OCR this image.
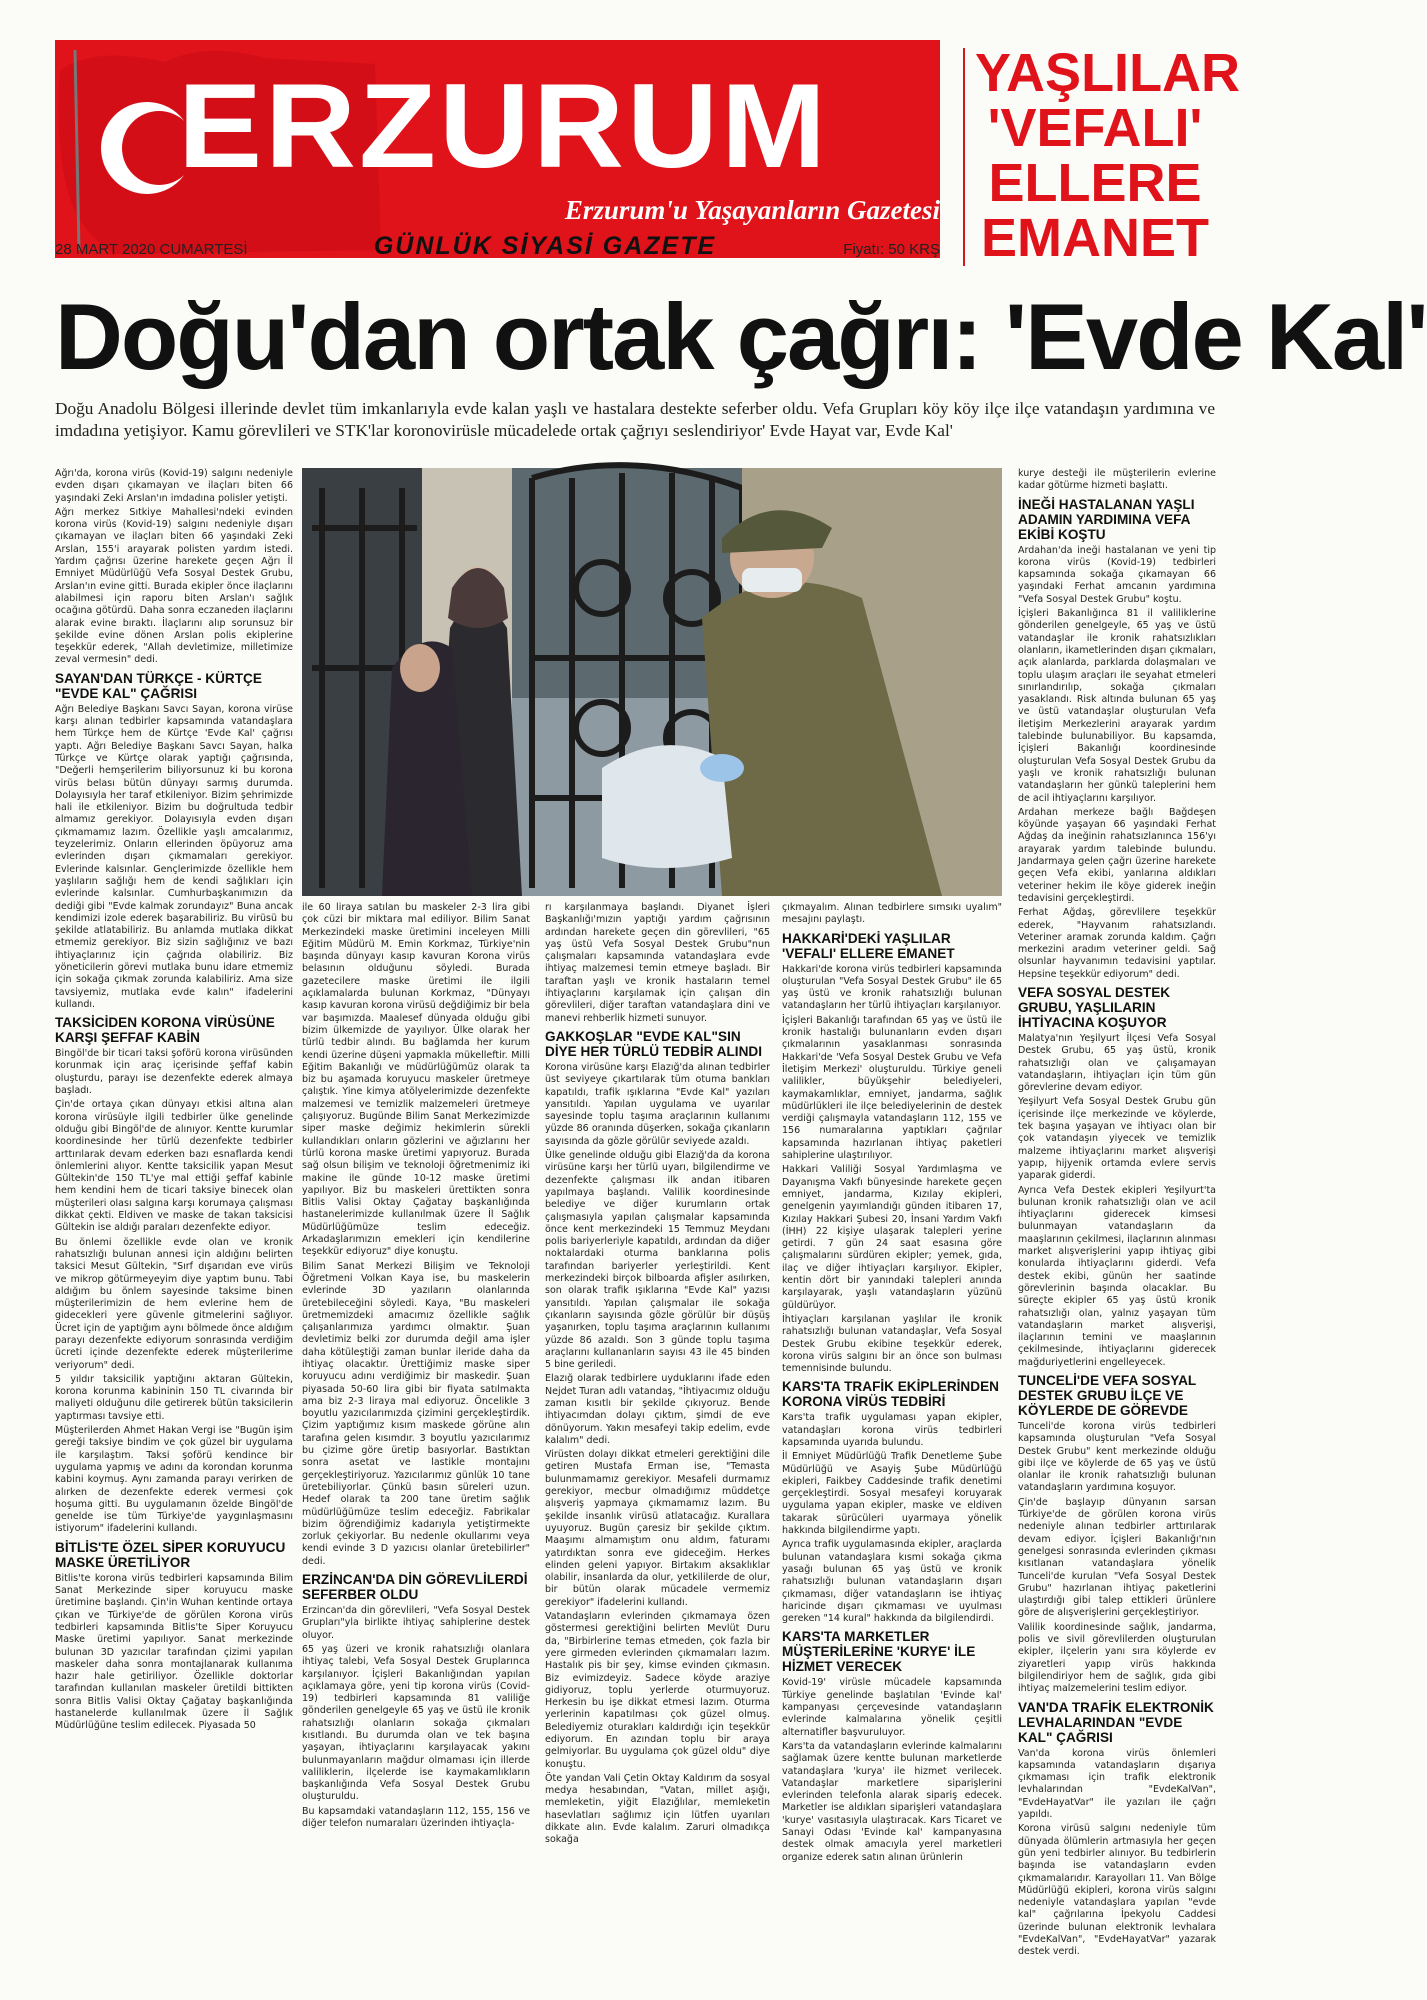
ERZURUM
Erzurum'u Yaşayanların Gazetesi
28 MART 2020 CUMARTESİ	GÜNLÜK SİYASİ GAZETE	Fiyatı: 50 KRŞ
YAŞLILAR
'VEFALI'
ELLERE
EMANET
Doğu'dan ortak çağrı: 'Evde Kal'
Doğu Anadolu Bölgesi illerinde devlet tüm imkanlarıyla evde kalan yaşlı ve hastalara destekte seferber oldu. Vefa Grupları köy köy ilçe ilçe vatandaşın yardımına ve imdadına yetişiyor. Kamu görevlileri ve STK'lar koronovirüsle mücadelede ortak çağrıyı seslendiriyor' Evde Hayat var, Evde Kal'

Ağrı'da, korona virüs (Kovid-19) salgını nedeniyle evden dışarı çıkamayan ve ilaçları biten 66 yaşındaki Zeki Arslan'ın imdadına polisler yetişti.

Ağrı merkez Sıtkiye Mahallesi'ndeki evinden korona virüs (Kovid-19) salgını nedeniyle dışarı çıkamayan ve ilaçları biten 66 yaşındaki Zeki Arslan, 155'i arayarak polisten yardım istedi. Yardım çağrısı üzerine harekete geçen Ağrı İl Emniyet Müdürlüğü Vefa Sosyal Destek Grubu, Arslan'ın evine gitti. Burada ekipler önce ilaçlarını alabilmesi için raporu biten Arslan'ı sağlık ocağına götürdü. Daha sonra eczaneden ilaçlarını alarak evine bıraktı. İlaçlarını alıp sorunsuz bir şekilde evine dönen Arslan polis ekiplerine teşekkür ederek, "Allah devletimize, milletimize zeval vermesin" dedi.

SAYAN'DAN TÜRKÇE - KÜRTÇE "EVDE KAL" ÇAĞRISI

Ağrı Belediye Başkanı Savcı Sayan, korona virüse karşı alınan tedbirler kapsamında vatandaşlara hem Türkçe hem de Kürtçe 'Evde Kal' çağrısı yaptı. Ağrı Belediye Başkanı Savcı Sayan, halka Türkçe ve Kürtçe olarak yaptığı çağrısında, "Değerli hemşerilerim biliyorsunuz ki bu korona virüs belası bütün dünyayı sarmış durumda. Dolayısıyla her taraf etkileniyor. Bizim şehrimizde hali ile etkileniyor. Bizim bu doğrultuda tedbir almamız gerekiyor. Dolayısıyla evden dışarı çıkmamamız lazım. Özellikle yaşlı amcalarımız, teyzelerimiz. Onların ellerinden öpüyoruz ama evlerinden dışarı çıkmamaları gerekiyor. Evlerinde kalsınlar. Gençlerimizde özellikle hem yaşlıların sağlığı hem de kendi sağlıkları için evlerinde kalsınlar. Cumhurbaşkanımızın da dediği gibi "Evde kalmak zorundayız" Buna ancak kendimizi izole ederek başarabiliriz. Bu virüsü bu şekilde atlatabiliriz. Bu anlamda mutlaka dikkat etmemiz gerekiyor. Biz sizin sağlığınız ve bazı ihtiyaçlarınız için çağrıda olabiliriz. Biz yöneticilerin görevi mutlaka bunu idare etmemiz için sokağa çıkmak zorunda kalabiliriz. Ama size tavsiyemiz, mutlaka evde kalın" ifadelerini kullandı.

TAKSİCİDEN KORONA VİRÜSÜNE KARŞI ŞEFFAF KABİN

Bingöl'de bir ticari taksi şoförü korona virüsünden korunmak için araç içerisinde şeffaf kabin oluşturdu, parayı ise dezenfekte ederek almaya başladı.

Çin'de ortaya çıkan dünyayı etkisi altına alan korona virüsüyle ilgili tedbirler ülke genelinde olduğu gibi Bingöl'de de alınıyor. Kentte kurumlar koordinesinde her türlü dezenfekte tedbirler arttırılarak devam ederken bazı esnaflarda kendi önlemlerini alıyor. Kentte taksicilik yapan Mesut Gültekin'de 150 TL'ye mal ettiği şeffaf kabinle hem kendini hem de ticari taksiye binecek olan müşterileri olası salgına karşı korumaya çalışması dikkat çekti. Eldiven ve maske de takan taksicisi Gültekin ise aldığı paraları dezenfekte ediyor.

Bu önlemi özellikle evde olan ve kronik rahatsızlığı bulunan annesi için aldığını belirten taksici Mesut Gültekin, "Sırf dışarıdan eve virüs ve mikrop götürmeyeyim diye yaptım bunu. Tabi aldığım bu önlem sayesinde taksime binen müşterilerimizin de hem evlerine hem de gidecekleri yere güvenle gitmelerini sağlıyor. Ücret için de yaptığım aynı bölmede önce aldığım parayı dezenfekte ediyorum sonrasında verdiğim ücreti içinde dezenfekte ederek müşterilerime veriyorum" dedi.

5 yıldır taksicilik yaptığını aktaran Gültekin, korona korunma kabininin 150 TL civarında bir maliyeti olduğunu dile getirerek bütün taksicilerin yaptırması tavsiye etti.

Müşterilerden Ahmet Hakan Vergi ise "Bugün işim gereği taksiye bindim ve çok güzel bir uygulama ile karşılaştım. Taksi şoförü kendince bir uygulama yapmış ve adını da korondan korunma kabini koymuş. Aynı zamanda parayı verirken de alırken de dezenfekte ederek vermesi çok hoşuma gitti. Bu uygulamanın özelde Bingöl'de genelde ise tüm Türkiye'de yaygınlaşmasını istiyorum" ifadelerini kullandı.

BİTLİS'TE ÖZEL SİPER KORUYUCU MASKE ÜRETİLİYOR

Bitlis'te korona virüs tedbirleri kapsamında Bilim Sanat Merkezinde siper koruyucu maske üretimine başlandı. Çin'in Wuhan kentinde ortaya çıkan ve Türkiye'de de görülen Korona virüs tedbirleri kapsamında Bitlis'te Siper Koruyucu Maske üretimi yapılıyor. Sanat merkezinde bulunan 3D yazıcılar tarafından çizimi yapılan maskeler daha sonra montajlanarak kullanıma hazır hale getiriliyor. Özellikle doktorlar tarafından kullanılan maskeler üretildi bittikten sonra Bitlis Valisi Oktay Çağatay başkanlığında hastanelerde kullanılmak üzere İl Sağlık Müdürlüğüne teslim edilecek. Piyasada 50

ile 60 liraya satılan bu maskeler 2-3 lira gibi çok cüzi bir miktara mal ediliyor. Bilim Sanat Merkezindeki maske üretimini inceleyen Milli Eğitim Müdürü M. Emin Korkmaz, Türkiye'nin başında dünyayı kasıp kavuran Korona virüs belasının olduğunu söyledi. Burada gazetecilere maske üretimi ile ilgili açıklamalarda bulunan Korkmaz, "Dünyayı kasıp kavuran korona virüsü değdiğimiz bir bela var başımızda. Maalesef dünyada olduğu gibi bizim ülkemizde de yayılıyor. Ülke olarak her türlü tedbir alındı. Bu bağlamda her kurum kendi üzerine düşeni yapmakla mükelleftir. Milli Eğitim Bakanlığı ve müdürlüğümüz olarak ta biz bu aşamada koruyucu maskeler üretmeye çalıştık. Yine kimya atölyelerimizde dezenfekte malzemesi ve temizlik malzemeleri üretmeye çalışıyoruz. Bugünde Bilim Sanat Merkezimizde siper maske değimiz hekimlerin sürekli kullandıkları onların gözlerini ve ağızlarını her türlü korona maske üretimi yapıyoruz. Burada sağ olsun bilişim ve teknoloji öğretmenimiz iki makine ile günde 10-12 maske üretimi yapılıyor. Biz bu maskeleri ürettikten sonra Bitlis Valisi Oktay Çağatay başkanlığında hastanelerimizde kullanılmak üzere İl Sağlık Müdürlüğümüze teslim edeceğiz. Arkadaşlarımızın emekleri için kendilerine teşekkür ediyoruz" diye konuştu.

Bilim Sanat Merkezi Bilişim ve Teknoloji Öğretmeni Volkan Kaya ise, bu maskelerin evlerinde 3D yazıların olanlarında üretebileceğini söyledi. Kaya, "Bu maskeleri üretmemizdeki amacımız özellikle sağlık çalışanlarımıza yardımcı olmaktır. Şuan devletimiz belki zor durumda değil ama işler daha kötüleştiği zaman bunlar ileride daha da ihtiyaç olacaktır. Ürettiğimiz maske siper koruyucu adını verdiğimiz bir maskedir. Şuan piyasada 50-60 lira gibi bir fiyata satılmakta ama biz 2-3 liraya mal ediyoruz. Öncelikle 3 boyutlu yazıcılarımızda çizimini gerçekleştirdik. Çizim yaptığımız kısım maskede görüne alın tarafına gelen kısımdır. 3 boyutlu yazıcılarımız bu çizime göre üretip basıyorlar. Bastıktan sonra asetat ve lastikle montajını gerçekleştiriyoruz. Yazıcılarımız günlük 10 tane üretebiliyorlar. Çünkü basın süreleri uzun. Hedef olarak ta 200 tane üretim sağlık müdürlüğümüze teslim edeceğiz. Fabrikalar bizim öğrendiğimiz kadarıyla yetiştirmekte zorluk çekiyorlar. Bu nedenle okullarımı veya kendi evinde 3 D yazıcısı olanlar üretebilirler" dedi.

ERZİNCAN'DA DİN GÖREVLİLERDİ SEFERBER OLDU

Erzincan'da din görevlileri, "Vefa Sosyal Destek Grupları"yla birlikte ihtiyaç sahiplerine destek oluyor.

65 yaş üzeri ve kronik rahatsızlığı olanlara ihtiyaç talebi, Vefa Sosyal Destek Gruplarınca karşılanıyor. İçişleri Bakanlığından yapılan açıklamaya göre, yeni tip korona virüs (Covid-19) tedbirleri kapsamında 81 valiliğe gönderilen genelgeyle 65 yaş ve üstü ile kronik rahatsızlığı olanların sokağa çıkmaları kısıtlandı. Bu durumda olan ve tek başına yaşayan, ihtiyaçlarını karşılayacak yakını bulunmayanların mağdur olmaması için illerde valiliklerin, ilçelerde ise kaymakamlıkların başkanlığında Vefa Sosyal Destek Grubu oluşturuldu.

Bu kapsamdaki vatandaşların 112, 155, 156 ve diğer telefon numaraları üzerinden ihtiyaçla-

rı karşılanmaya başlandı. Diyanet İşleri Başkanlığı'mızın yaptığı yardım çağrısının ardından harekete geçen din görevlileri, "65 yaş üstü Vefa Sosyal Destek Grubu"nun çalışmaları kapsamında vatandaşlara evde ihtiyaç malzemesi temin etmeye başladı. Bir taraftan yaşlı ve kronik hastaların temel ihtiyaçlarını karşılamak için çalışan din görevlileri, diğer taraftan vatandaşlara dini ve manevi rehberlik hizmeti sunuyor.

GAKKOŞLAR "EVDE KAL"SIN DİYE HER TÜRLÜ TEDBİR ALINDI

Korona virüsüne karşı Elazığ'da alınan tedbirler üst seviyeye çıkartılarak tüm otuma bankları kapatıldı, trafik ışıklarına "Evde Kal" yazıları yansıtıldı. Yapılan uygulama ve uyarılar sayesinde toplu taşıma araçlarının kullanımı yüzde 86 oranında düşerken, sokağa çıkanların sayısında da gözle görülür seviyede azaldı.

Ülke genelinde olduğu gibi Elazığ'da da korona virüsüne karşı her türlü uyarı, bilgilendirme ve dezenfekte çalışması ilk andan itibaren yapılmaya başlandı. Valilik koordinesinde belediye ve diğer kurumların ortak çalışmasıyla yapılan çalışmalar kapsamında önce kent merkezindeki 15 Temmuz Meydanı polis bariyerleriyle kapatıldı, ardından da diğer noktalardaki oturma banklarına polis tarafından bariyerler yerleştirildi. Kent merkezindeki birçok bilboarda afişler asılırken, son olarak trafik ışıklarına "Evde Kal" yazısı yansıtıldı. Yapılan çalışmalar ile sokağa çıkanların sayısında gözle görülür bir düşüş yaşanırken, toplu taşıma araçlarının kullanımı yüzde 86 azaldı. Son 3 günde toplu taşıma araçlarını kullananların sayısı 43 ile 45 binden 5 bine geriledi.

Elazığ olarak tedbirlere uyduklarını ifade eden Nejdet Turan adlı vatandaş, "İhtiyacımız olduğu zaman kısıtlı bir şekilde çıkıyoruz. Bende ihtiyacımdan dolayı çıktım, şimdi de eve dönüyorum. Yakın mesafeyi takip edelim, evde kalalım" dedi.

Virüsten dolayı dikkat etmeleri gerektiğini dile getiren Mustafa Erman ise, "Temasta bulunmamamız gerekiyor. Mesafeli durmamız gerekiyor, mecbur olmadığımız müddetçe alışveriş yapmaya çıkmamamız lazım. Bu şekilde insanlık virüsü atlatacağız. Kurallara uyuyoruz. Bugün çaresiz bir şekilde çıktım. Maaşımı almamıştım onu aldım, faturamı yatırdıktan sonra eve gideceğim. Herkes elinden geleni yapıyor. Birtakım aksaklıklar olabilir, insanlarda da olur, yetkililerde de olur, bir bütün olarak mücadele vermemiz gerekiyor" ifadelerini kullandı.

Vatandaşların evlerinden çıkmamaya özen göstermesi gerektiğini belirten Mevlüt Duru da, "Birbirlerine temas etmeden, çok fazla bir yere girmeden evlerinden çıkmamaları lazım. Hastalık pis bir şey, kimse evinden çıkmasın. Biz evimizdeyiz. Sadece köyde araziye gidiyoruz, toplu yerlerde oturmuyoruz. Herkesin bu işe dikkat etmesi lazım. Oturma yerlerinin kapatılması çok güzel olmuş. Belediyemiz oturakları kaldırdığı için teşekkür ediyorum. En azından toplu bir araya gelmiyorlar. Bu uygulama çok güzel oldu" diye konuştu.

Öte yandan Vali Çetin Oktay Kaldırım da sosyal medya hesabından, "Vatan, millet aşığı, memleketin, yiğit Elazığlılar, memleketin hasevlatları sağlımız için lütfen uyarıları dikkate alın. Evde kalalım. Zaruri olmadıkça sokağa

çıkmayalım. Alınan tedbirlere sımsıkı uyalım" mesajını paylaştı.

HAKKARİ'DEKİ YAŞLILAR 'VEFALI' ELLERE EMANET

Hakkari'de korona virüs tedbirleri kapsamında oluşturulan "Vefa Sosyal Destek Grubu" ile 65 yaş üstü ve kronik rahatsızlığı bulunan vatandaşların her türlü ihtiyaçları karşılanıyor.

İçişleri Bakanlığı tarafından 65 yaş ve üstü ile kronik hastalığı bulunanların evden dışarı çıkmalarının yasaklanması sonrasında Hakkari'de 'Vefa Sosyal Destek Grubu ve Vefa İletişim Merkezi' oluşturuldu. Türkiye geneli valilikler, büyükşehir belediyeleri, kaymakamlıklar, emniyet, jandarma, sağlık müdürlükleri ile ilçe belediyelerinin de destek verdiği çalışmayla vatandaşların 112, 155 ve 156 numaralarına yaptıkları çağrılar kapsamında hazırlanan ihtiyaç paketleri sahiplerine ulaştırılıyor.

Hakkari Valiliği Sosyal Yardımlaşma ve Dayanışma Vakfı bünyesinde harekete geçen emniyet, jandarma, Kızılay ekipleri, genelgenin yayımlandığı günden itibaren 17, Kızılay Hakkari Şubesi 20, İnsani Yardım Vakfı (İHH) 22 kişiye ulaşarak talepleri yerine getirdi. 7 gün 24 saat esasına göre çalışmalarını sürdüren ekipler; yemek, gıda, ilaç ve diğer ihtiyaçları karşılıyor. Ekipler, kentin dört bir yanındaki talepleri anında karşılayarak, yaşlı vatandaşların yüzünü güldürüyor.

İhtiyaçları karşılanan yaşlılar ile kronik rahatsızlığı bulunan vatandaşlar, Vefa Sosyal Destek Grubu ekibine teşekkür ederek, korona virüs salgını bir an önce son bulması temennisinde bulundu.

KARS'TA TRAFİK EKİPLERİNDEN KORONA VİRÜS TEDBİRİ

Kars'ta trafik uygulaması yapan ekipler, vatandaşları korona virüs tedbirleri kapsamında uyarıda bulundu.

İl Emniyet Müdürlüğü Trafik Denetleme Şube Müdürlüğü ve Asayiş Şube Müdürlüğü ekipleri, Faikbey Caddesinde trafik denetimi gerçekleştirdi. Sosyal mesafeyi koruyarak uygulama yapan ekipler, maske ve eldiven takarak sürücüleri uyarmaya yönelik hakkında bilgilendirme yaptı.

Ayrıca trafik uygulamasında ekipler, araçlarda bulunan vatandaşlara kısmi sokağa çıkma yasağı bulunan 65 yaş üstü ve kronik rahatsızlığı bulunan vatandaşların dışarı çıkmaması, diğer vatandaşların ise ihtiyaç haricinde dışarı çıkmaması ve uyulması gereken "14 kural" hakkında da bilgilendirdi.

KARS'TA MARKETLER MÜŞTERİLERİNE 'KURYE' İLE HİZMET VERECEK

Kovid-19' virüsle mücadele kapsamında Türkiye genelinde başlatılan 'Evinde kal' kampanyası çerçevesinde vatandaşların evlerinde kalmalarına yönelik çeşitli alternatifler başvuruluyor.

Kars'ta da vatandaşların evlerinde kalmalarını sağlamak üzere kentte bulunan marketlerde vatandaşlara 'kurya' ile hizmet verilecek. Vatandaşlar marketlere siparişlerini evlerinden telefonla alarak sipariş edecek. Marketler ise aldıkları siparişleri vatandaşlara 'kurye' vasıtasıyla ulaştıracak. Kars Ticaret ve Sanayi Odası 'Evinde kal' kampanyasına destek olmak amacıyla yerel marketleri organize ederek satın alınan ürünlerin

kurye desteği ile müşterilerin evlerine kadar götürme hizmeti başlattı.

İNEĞİ HASTALANAN YAŞLI ADAMIN YARDIMINA VEFA EKİBİ KOŞTU

Ardahan'da ineği hastalanan ve yeni tip korona virüs (Kovid-19) tedbirleri kapsamında sokağa çıkamayan 66 yaşındaki Ferhat amcanın yardımına "Vefa Sosyal Destek Grubu" koştu.

İçişleri Bakanlığınca 81 il valiliklerine gönderilen genelgeyle, 65 yaş ve üstü vatandaşlar ile kronik rahatsızlıkları olanların, ikametlerinden dışarı çıkmaları, açık alanlarda, parklarda dolaşmaları ve toplu ulaşım araçları ile seyahat etmeleri sınırlandırılıp, sokağa çıkmaları yasaklandı. Risk altında bulunan 65 yaş ve üstü vatandaşlar oluşturulan Vefa İletişim Merkezlerini arayarak yardım talebinde bulunabiliyor. Bu kapsamda, İçişleri Bakanlığı koordinesinde oluşturulan Vefa Sosyal Destek Grubu da yaşlı ve kronik rahatsızlığı bulunan vatandaşların her günkü taleplerini hem de acil ihtiyaçlarını karşılıyor.

Ardahan merkeze bağlı Bağdeşen köyünde yaşayan 66 yaşındaki Ferhat Ağdaş da ineğinin rahatsızlanınca 156'yı arayarak yardım talebinde bulundu. Jandarmaya gelen çağrı üzerine harekete geçen Vefa ekibi, yanlarına aldıkları veteriner hekim ile köye giderek ineğin tedavisini gerçekleştirdi.

Ferhat Ağdaş, görevlilere teşekkür ederek, "Hayvanım rahatsızlandı. Veteriner aramak zorunda kaldım. Çağrı merkezini aradım veteriner geldi. Sağ olsunlar hayvanımın tedavisini yaptılar. Hepsine teşekkür ediyorum" dedi.

VEFA SOSYAL DESTEK GRUBU, YAŞLILARIN İHTİYACINA KOŞUYOR

Malatya'nın Yeşilyurt İlçesi Vefa Sosyal Destek Grubu, 65 yaş üstü, kronik rahatsızlığı olan ve çalışamayan vatandaşların, ihtiyaçları için tüm gün görevlerine devam ediyor.

Yeşilyurt Vefa Sosyal Destek Grubu gün içerisinde ilçe merkezinde ve köylerde, tek başına yaşayan ve ihtiyacı olan bir çok vatandaşın yiyecek ve temizlik malzeme ihtiyaçlarını market alışverişi yapıp, hijyenik ortamda evlere servis yaparak giderdi.

Ayrıca Vefa Destek ekipleri Yeşilyurt'ta bulunan kronik rahatsızlığı olan ve acil ihtiyaçlarını giderecek kimsesi bulunmayan vatandaşların da maaşlarının çekilmesi, ilaçlarının alınması market alışverişlerini yapıp ihtiyaç gibi konularda ihtiyaçlarını giderdi. Vefa destek ekibi, günün her saatinde görevlerinin başında olacaklar. Bu süreçte ekipler 65 yaş üstü kronik rahatsızlığı olan, yalnız yaşayan tüm vatandaşların market alışverişi, ilaçlarının temini ve maaşlarının çekilmesinde, ihtiyaçlarını giderecek mağduriyetlerini engelleyecek.

TUNCELİ'DE VEFA SOSYAL DESTEK GRUBU İLÇE VE KÖYLERDE DE GÖREVDE

Tunceli'de korona virüs tedbirleri kapsamında oluşturulan "Vefa Sosyal Destek Grubu" kent merkezinde olduğu gibi ilçe ve köylerde de 65 yaş ve üstü olanlar ile kronik rahatsızlığı bulunan vatandaşların yardımına koşuyor.

Çin'de başlayıp dünyanın sarsan Türkiye'de de görülen korona virüs nedeniyle alınan tedbirler arttırılarak devam ediyor. İçişleri Bakanlığı'nın genelgesi sonrasında evlerinden çıkması kısıtlanan vatandaşlara yönelik Tunceli'de kurulan "Vefa Sosyal Destek Grubu" hazırlanan ihtiyaç paketlerini ulaştırdığı gibi talep ettikleri ürünlere göre de alışverişlerini gerçekleştiriyor.

Valilik koordinesinde sağlık, jandarma, polis ve sivil görevlilerden oluşturulan ekipler, ilçelerin yanı sıra köylerde ev ziyaretleri yapıp virüs hakkında bilgilendiriyor hem de sağlık, gıda gibi ihtiyaç malzemelerini teslim ediyor.

VAN'DA TRAFİK ELEKTRONİK LEVHALARINDAN "EVDE KAL" ÇAĞRISI

Van'da korona virüs önlemleri kapsamında vatandaşların dışarıya çıkmaması için trafik elektronik levhalarından "EvdeKalVan", "EvdeHayatVar" ile yazıları ile çağrı yapıldı.

Korona virüsü salgını nedeniyle tüm dünyada ölümlerin artmasıyla her geçen gün yeni tedbirler alınıyor. Bu tedbirlerin başında ise vatandaşların evden çıkmamalarıdır. Karayolları 11. Van Bölge Müdürlüğü ekipleri, korona virüs salgını nedeniyle vatandaşlara yapılan "evde kal" çağrılarına İpekyolu Caddesi üzerinde bulunan elektronik levhalara "EvdeKalVan", "EvdeHayatVar" yazarak destek verdi.
